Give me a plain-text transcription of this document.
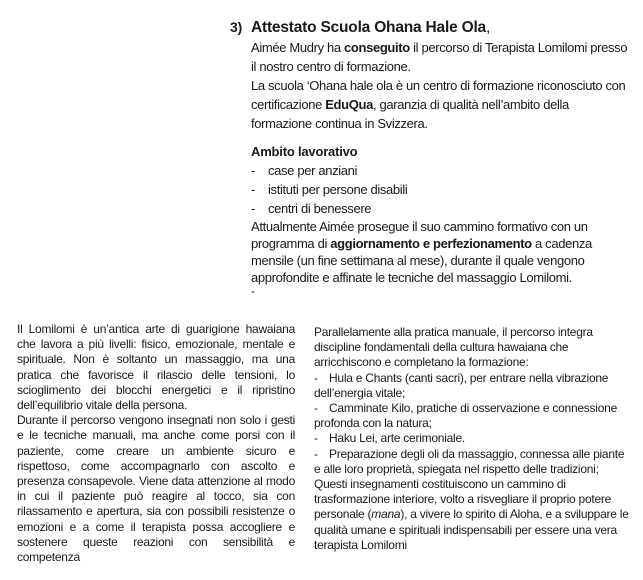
3) Attestato Scuola Ohana Hale Ola,

Aimée Mudry ha conseguito il percorso di Terapista Lomilomi presso il nostro centro di formazione.

La scuola ‘Ohana hale ola è un centro di formazione riconosciuto con certificazione EduQua, garanzia di qualità nell’ambito della formazione continua in Svizzera.

Ambito lavorativo
-	case per anziani
-	istituti per persone disabili
-	centri di benessere

Attualmente Aimée prosegue il suo cammino formativo con un programma di aggiornamento e perfezionamento a cadenza mensile (un fine settimana al mese), durante il quale vengono approfondite e affinate le tecniche del massaggio Lomilomi.

-

Il Lomilomi è un’antica arte di guarigione hawaiana che lavora a più livelli: fisico, emozionale, mentale e spirituale. Non è soltanto un massaggio, ma una pratica che favorisce il rilascio delle tensioni, lo scioglimento dei blocchi energetici e il ripristino dell’equilibrio vitale della persona.

Durante il percorso vengono insegnati non solo i gesti e le tecniche manuali, ma anche come porsi con il paziente, come creare un ambiente sicuro e rispettoso, come accompagnarlo con ascolto e presenza consapevole. Viene data attenzione al modo in cui il paziente può reagire al tocco, sia con rilassamento e apertura, sia con possibili resistenze o emozioni e a come il terapista possa accogliere e sostenere queste reazioni con sensibilità e competenza

Parallelamente alla pratica manuale, il percorso integra discipline fondamentali della cultura hawaiana che arricchiscono e completano la formazione:

- Hula e Chants (canti sacri), per entrare nella vibrazione dell’energia vitale;

- Camminate Kilo, pratiche di osservazione e connessione profonda con la natura;

- Haku Lei, arte cerimoniale.

- Preparazione degli oli da massaggio, connessa alle piante e alle loro proprietà, spiegata nel rispetto delle tradizioni;

Questi insegnamenti costituiscono un cammino di trasformazione interiore, volto a risvegliare il proprio potere personale (mana), a vivere lo spirito di Aloha, e a sviluppare le qualità umane e spirituali indispensabili per essere una vera terapista Lomilomi
